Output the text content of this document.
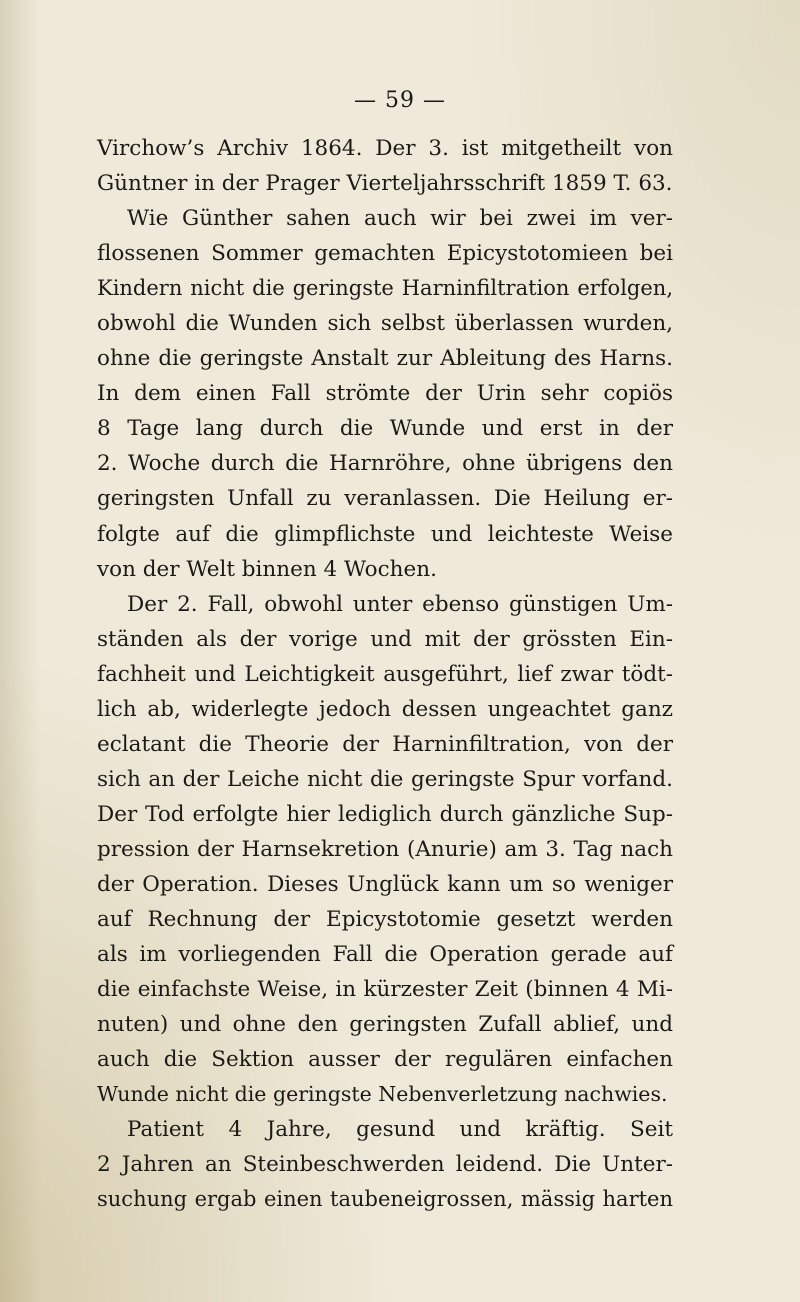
— 59 —
Virchow’s Archiv 1864. Der 3. ist mitgetheilt von
Güntner in der Prager Vierteljahrsschrift 1859 T. 63.
Wie Günther sahen auch wir bei zwei im ver-
flossenen Sommer gemachten Epicystotomieen bei
Kindern nicht die geringste Harninfiltration erfolgen,
obwohl die Wunden sich selbst überlassen wurden,
ohne die geringste Anstalt zur Ableitung des Harns.
In dem einen Fall strömte der Urin sehr copiös
8 Tage lang durch die Wunde und erst in der
2. Woche durch die Harnröhre, ohne übrigens den
geringsten Unfall zu veranlassen. Die Heilung er-
folgte auf die glimpflichste und leichteste Weise
von der Welt binnen 4 Wochen.
Der 2. Fall, obwohl unter ebenso günstigen Um-
ständen als der vorige und mit der grössten Ein-
fachheit und Leichtigkeit ausgeführt, lief zwar tödt-
lich ab, widerlegte jedoch dessen ungeachtet ganz
eclatant die Theorie der Harninfiltration, von der
sich an der Leiche nicht die geringste Spur vorfand.
Der Tod erfolgte hier lediglich durch gänzliche Sup-
pression der Harnsekretion (Anurie) am 3. Tag nach
der Operation. Dieses Unglück kann um so weniger
auf Rechnung der Epicystotomie gesetzt werden
als im vorliegenden Fall die Operation gerade auf
die einfachste Weise, in kürzester Zeit (binnen 4 Mi-
nuten) und ohne den geringsten Zufall ablief, und
auch die Sektion ausser der regulären einfachen
Wunde nicht die geringste Nebenverletzung nachwies.
Patient 4 Jahre, gesund und kräftig. Seit
2 Jahren an Steinbeschwerden leidend. Die Unter-
suchung ergab einen taubeneigrossen, mässig harten
